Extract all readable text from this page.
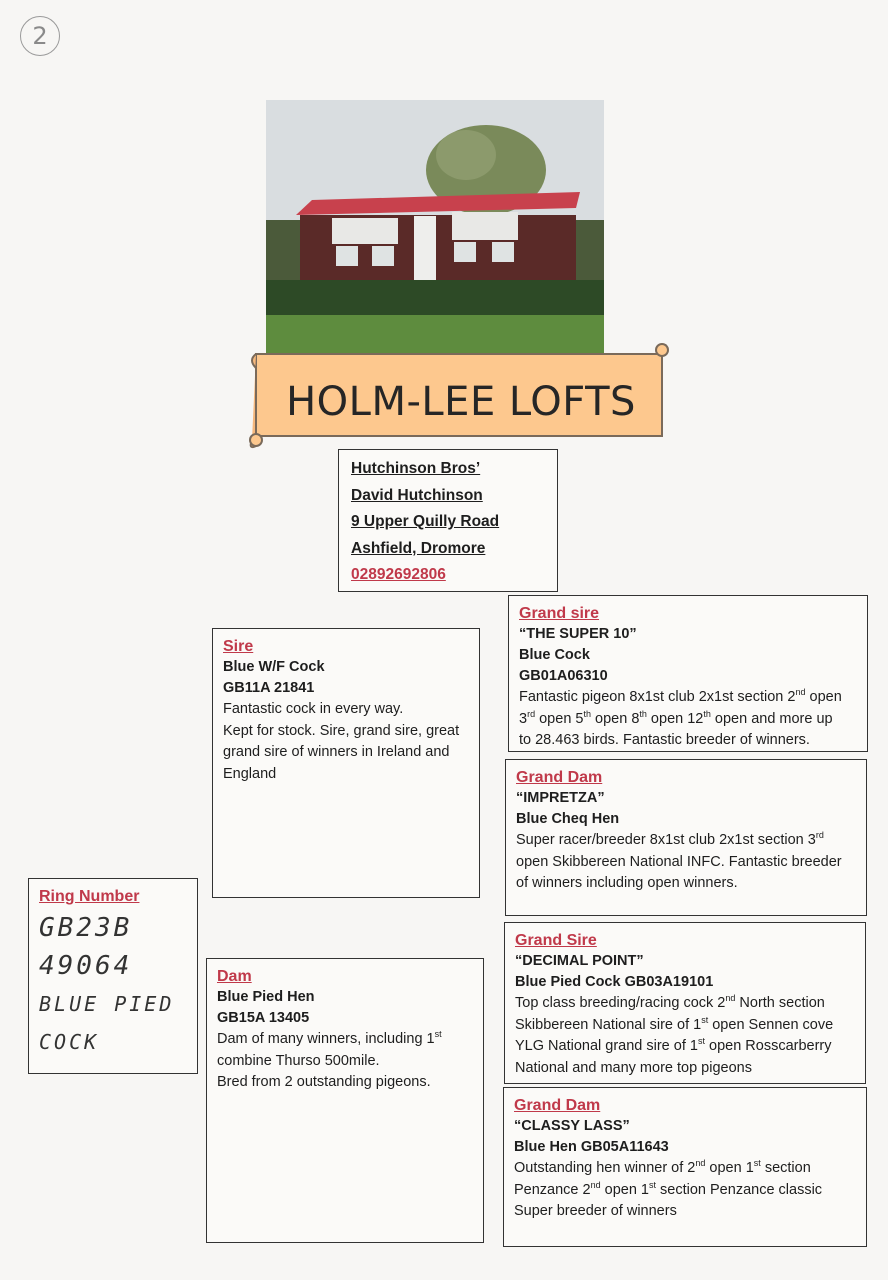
2
HOLM-LEE LOFTS
Hutchinson Bros’
David Hutchinson
9 Upper Quilly Road
Ashfield, Dromore
02892692806
Ring Number
GB23B
49064
BLUE PIED
COCK
Sire
Blue W/F Cock
GB11A 21841
Fantastic cock in every way.
Kept for stock. Sire, grand sire, great
grand sire of winners in Ireland and
England
Dam
Blue Pied Hen
GB15A 13405
Dam of many winners, including 1st
combine Thurso 500mile.
Bred from 2 outstanding pigeons.
Grand sire
“THE SUPER 10”
Blue Cock
GB01A06310
Fantastic pigeon 8x1st club 2x1st section 2nd open
3rd open 5th open 8th open 12th open and more up
to 28.463 birds. Fantastic breeder of winners.
Grand Dam
“IMPRETZA”
Blue Cheq Hen
Super racer/breeder 8x1st club 2x1st section 3rd
open Skibbereen National INFC. Fantastic breeder
of winners including open winners.
Grand Sire
“DECIMAL POINT”
Blue Pied Cock GB03A19101
Top class breeding/racing cock 2nd North section
Skibbereen National sire of 1st open Sennen cove
YLG National grand sire of 1st open Rosscarberry
National and many more top pigeons
Grand Dam
“CLASSY LASS”
Blue Hen GB05A11643
Outstanding hen winner of 2nd open 1st section
Penzance 2nd open 1st section Penzance classic
Super breeder of winners
